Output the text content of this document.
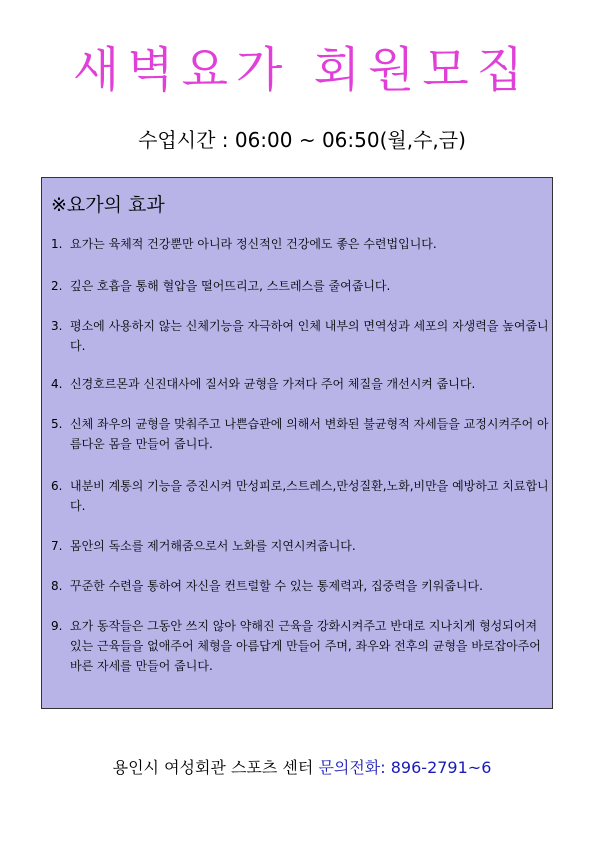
새벽요가 회원모집
수업시간 : 06:00 ~ 06:50(월,수,금)
※요가의 효과
1. 요가는 육체적 건강뿐만 아니라 정신적인 건강에도 좋은 수련법입니다.
2. 깊은 호흡을 통해 혈압을 떨어뜨리고, 스트레스를 줄여줍니다.
3. 평소에 사용하지 않는 신체기능을 자극하여 인체 내부의 면역성과 세포의 자생력을 높여줍니다.
4. 신경호르몬과 신진대사에 질서와 균형을 가져다 주어 체질을 개선시켜 줍니다.
5. 신체 좌우의 균형을 맞춰주고 나쁜습관에 의해서 변화된 불균형적 자세들을 교정시켜주어 아름다운 몸을 만들어 줍니다.
6. 내분비 계통의 기능을 증진시켜 만성피로,스트레스,만성질환,노화,비만을 예방하고 치료합니다.
7. 몸안의 독소를 제거해줌으로서 노화를 지연시켜줍니다.
8. 꾸준한 수련을 통하여 자신을 컨트럴할 수 있는 통제력과, 집중력을 키워줍니다.
9. 요가 동작들은 그동안 쓰지 않아 약해진 근육을 강화시켜주고 반대로 지나치게 형성되어져 있는 근육들을 없애주어 체형을 아름답게 만들어 주며, 좌우와 전후의 균형을 바로잡아주어 바른 자세를 만들어 줍니다.
용인시 여성회관 스포츠 센터 문의전화: 896-2791~6
